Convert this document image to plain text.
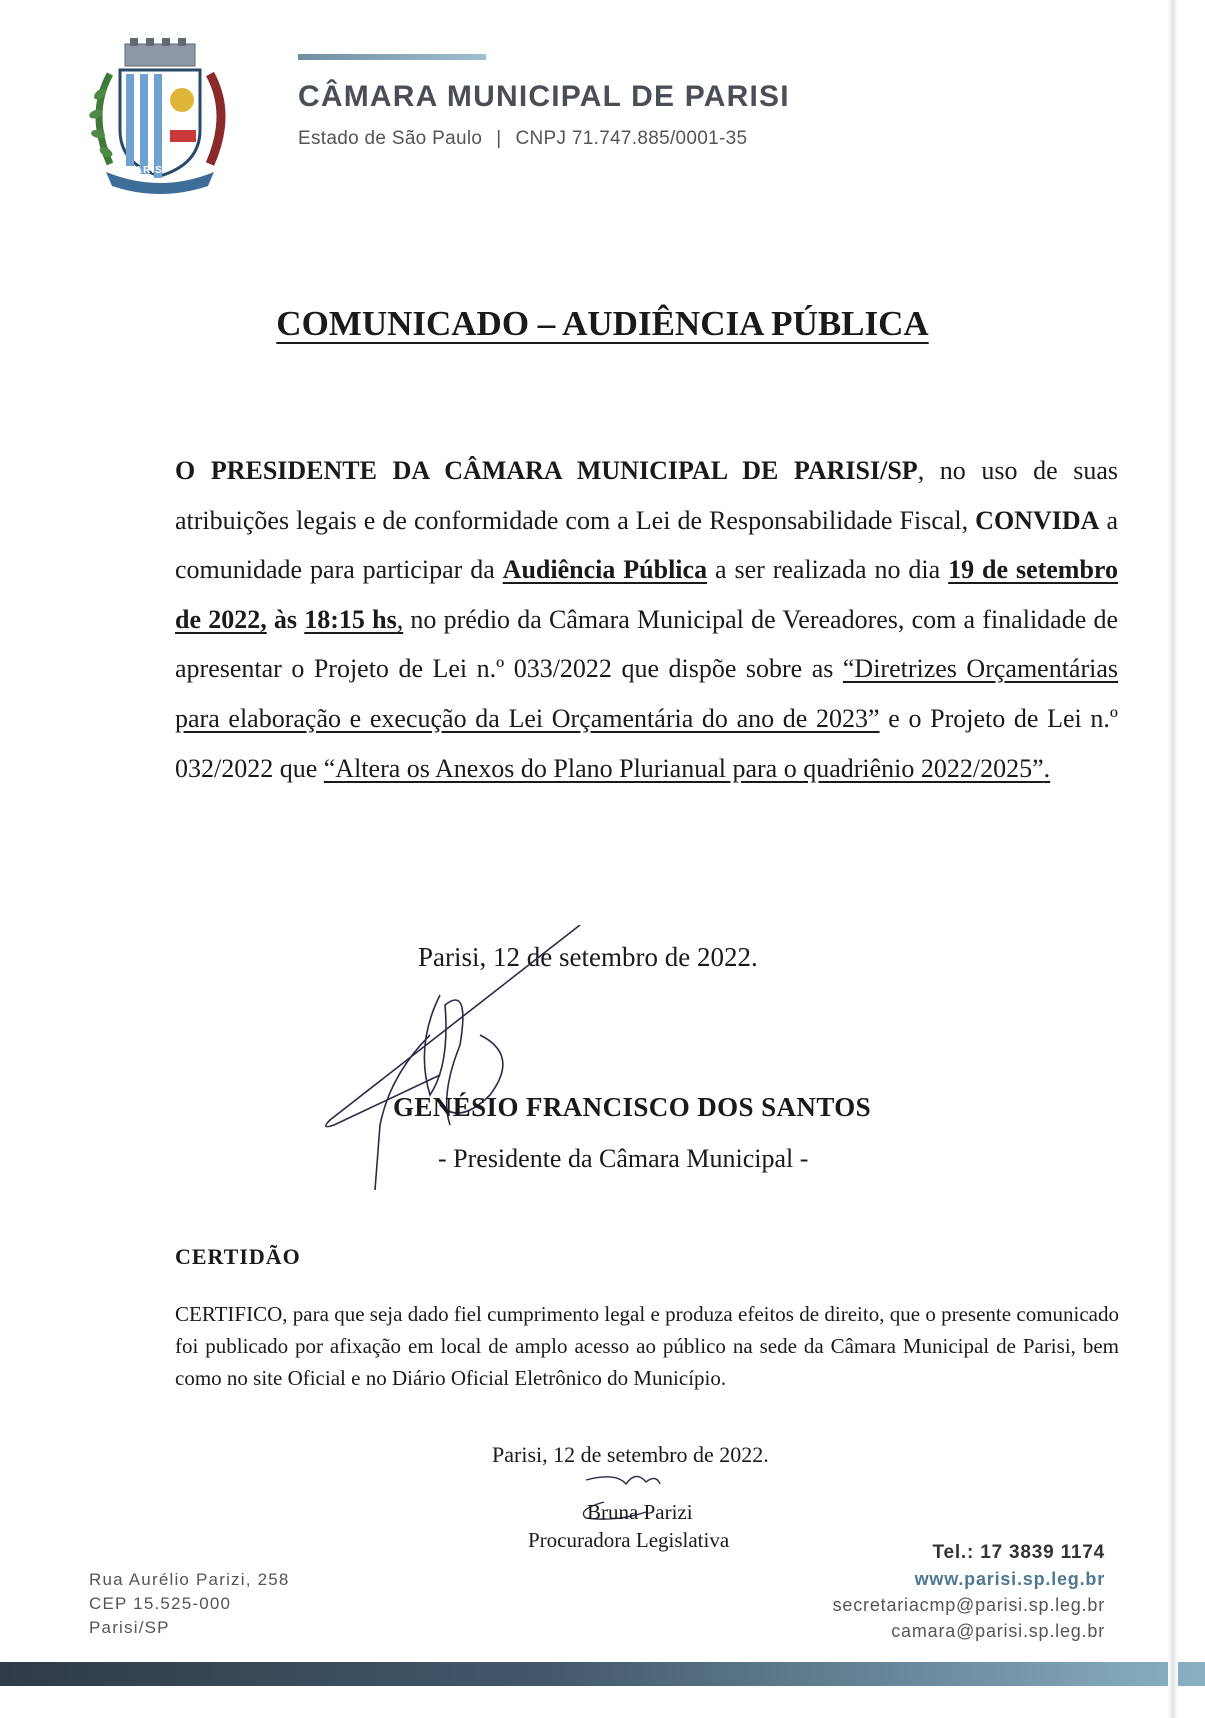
PARISI
CÂMARA MUNICIPAL DE PARISI
Estado de São Paulo | CNPJ 71.747.885/0001-35
COMUNICADO – AUDIÊNCIA PÚBLICA
O PRESIDENTE DA CÂMARA MUNICIPAL DE PARISI/SP, no uso de suas atribuições legais e de conformidade com a Lei de Responsabilidade Fiscal, CONVIDA a comunidade para participar da Audiência Pública a ser realizada no dia 19 de setembro de 2022, às 18:15 hs, no prédio da Câmara Municipal de Vereadores, com a finalidade de apresentar o Projeto de Lei n.º 033/2022 que dispõe sobre as “Diretrizes Orçamentárias para elaboração e execução da Lei Orçamentária do ano de 2023” e o Projeto de Lei n.º 032/2022 que “Altera os Anexos do Plano Plurianual para o quadriênio 2022/2025”.
Parisi, 12 de setembro de 2022.
GENÉSIO FRANCISCO DOS SANTOS
- Presidente da Câmara Municipal -
CERTIDÃO
CERTIFICO, para que seja dado fiel cumprimento legal e produza efeitos de direito, que o presente comunicado foi publicado por afixação em local de amplo acesso ao público na sede da Câmara Municipal de Parisi, bem como no site Oficial e no Diário Oficial Eletrônico do Município.
Parisi, 12 de setembro de 2022.
Bruna Parizi
Procuradora Legislativa
Rua Aurélio Parizi, 258
CEP 15.525-000
Parisi/SP
Tel.: 17 3839 1174
www.parisi.sp.leg.br
secretariacmp@parisi.sp.leg.br
camara@parisi.sp.leg.br
